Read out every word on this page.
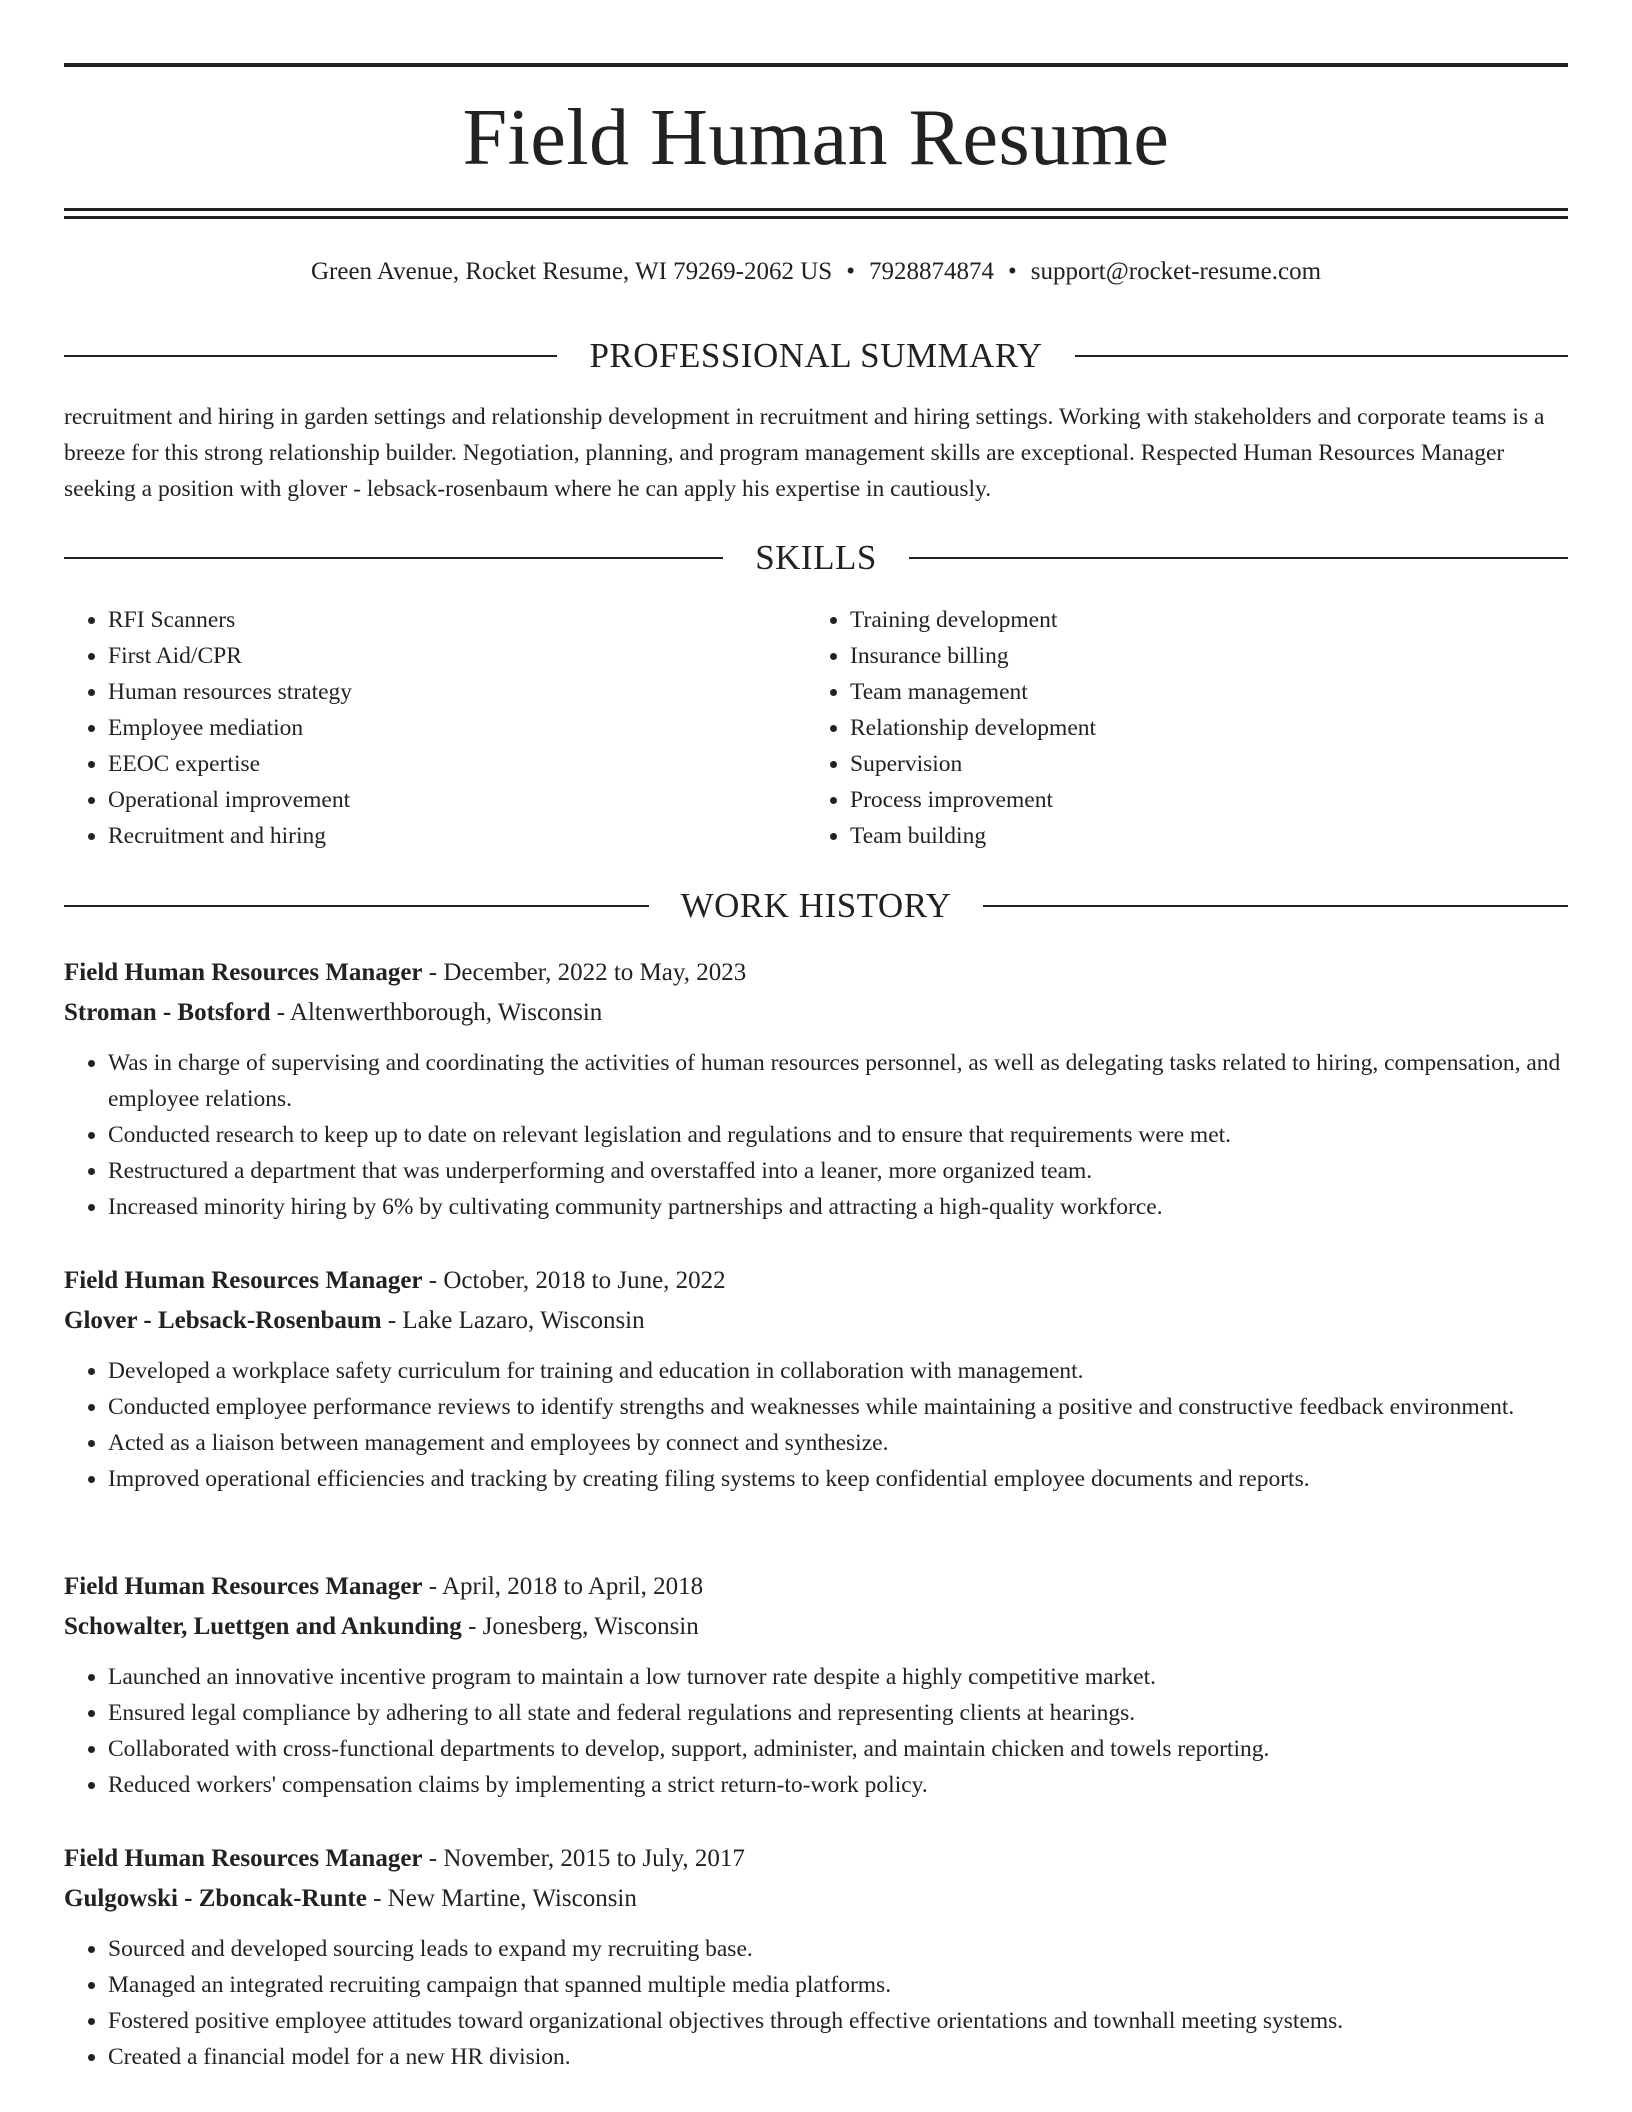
Field Human Resume
Green Avenue, Rocket Resume, WI 79269-2062 US • 7928874874 • support@rocket-resume.com
PROFESSIONAL SUMMARY

recruitment and hiring in garden settings and relationship development in recruitment and hiring settings. Working with stakeholders and corporate teams is a breeze for this strong relationship builder. Negotiation, planning, and program management skills are exceptional. Respected Human Resources Manager seeking a position with glover - lebsack-rosenbaum where he can apply his expertise in cautiously.

SKILLS
• RFI Scanners
• First Aid/CPR
• Human resources strategy
• Employee mediation
• EEOC expertise
• Operational improvement
• Recruitment and hiring
• Training development
• Insurance billing
• Team management
• Relationship development
• Supervision
• Process improvement
• Team building
WORK HISTORY
Field Human Resources Manager - December, 2022 to May, 2023
Stroman - Botsford - Altenwerthborough, Wisconsin
• Was in charge of supervising and coordinating the activities of human resources personnel, as well as delegating tasks related to hiring, compensation, and employee relations.
• Conducted research to keep up to date on relevant legislation and regulations and to ensure that requirements were met.
• Restructured a department that was underperforming and overstaffed into a leaner, more organized team.
• Increased minority hiring by 6% by cultivating community partnerships and attracting a high-quality workforce.
Field Human Resources Manager - October, 2018 to June, 2022
Glover - Lebsack-Rosenbaum - Lake Lazaro, Wisconsin
• Developed a workplace safety curriculum for training and education in collaboration with management.
• Conducted employee performance reviews to identify strengths and weaknesses while maintaining a positive and constructive feedback environment.
• Acted as a liaison between management and employees by connect and synthesize.
• Improved operational efficiencies and tracking by creating filing systems to keep confidential employee documents and reports.
Field Human Resources Manager - April, 2018 to April, 2018
Schowalter, Luettgen and Ankunding - Jonesberg, Wisconsin
• Launched an innovative incentive program to maintain a low turnover rate despite a highly competitive market.
• Ensured legal compliance by adhering to all state and federal regulations and representing clients at hearings.
• Collaborated with cross-functional departments to develop, support, administer, and maintain chicken and towels reporting.
• Reduced workers' compensation claims by implementing a strict return-to-work policy.
Field Human Resources Manager - November, 2015 to July, 2017
Gulgowski - Zboncak-Runte - New Martine, Wisconsin
• Sourced and developed sourcing leads to expand my recruiting base.
• Managed an integrated recruiting campaign that spanned multiple media platforms.
• Fostered positive employee attitudes toward organizational objectives through effective orientations and townhall meeting systems.
• Created a financial model for a new HR division.
